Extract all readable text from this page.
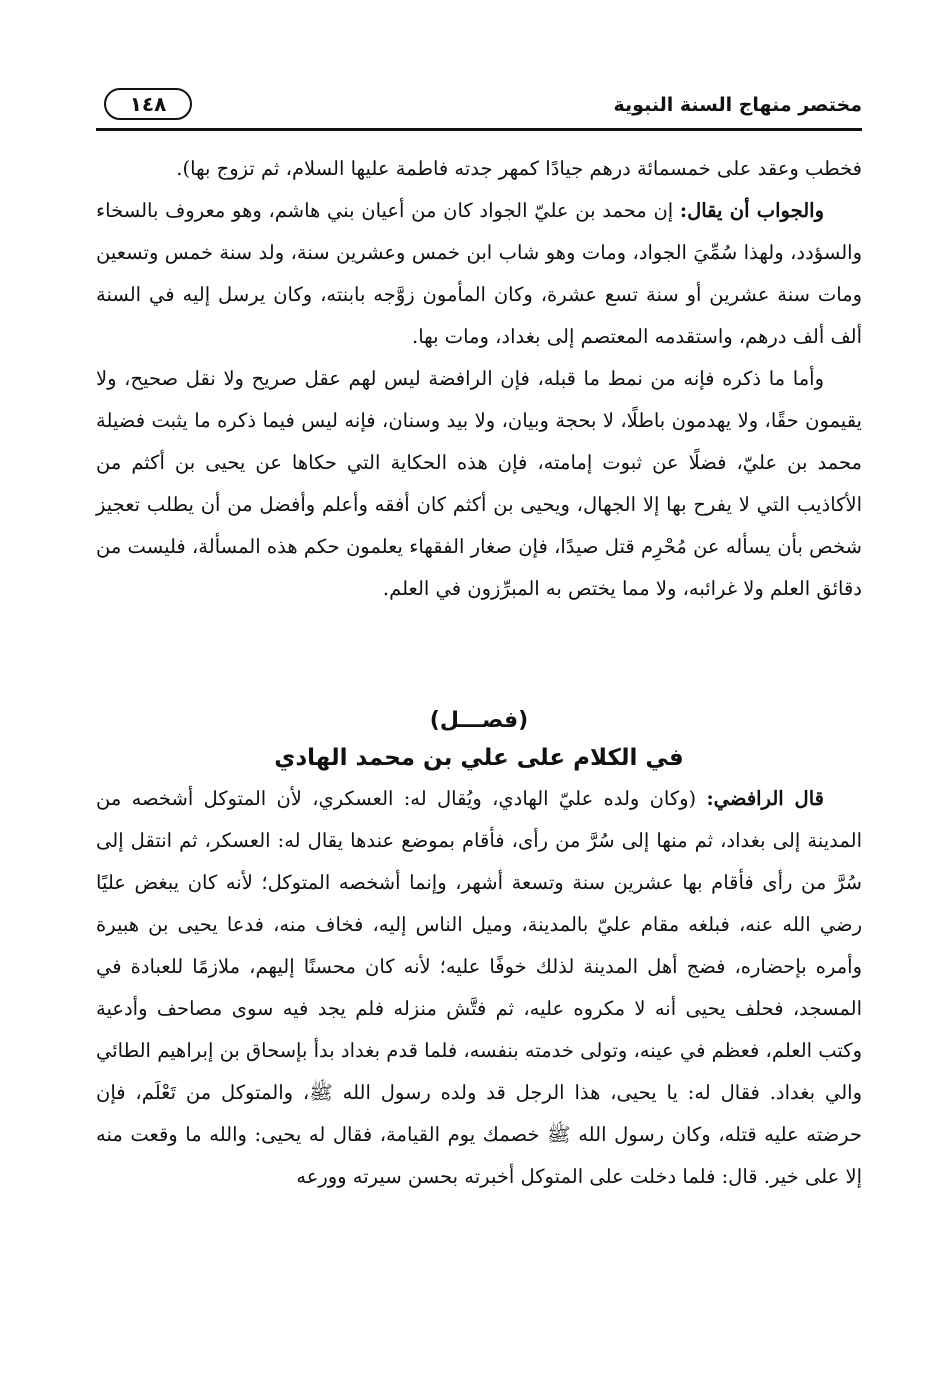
مختصر منهاج السنة النبوية
١٤٨

فخطب وعقد على خمسمائة درهم جيادًا كمهر جدته فاطمة عليها السلام، ثم تزوج بها).

والجواب أن يقال: إن محمد بن عليّ الجواد كان من أعيان بني هاشم، وهو معروف بالسخاء والسؤدد، ولهذا سُمِّيَ الجواد، ومات وهو شاب ابن خمس وعشرين سنة، ولد سنة خمس وتسعين ومات سنة عشرين أو سنة تسع عشرة، وكان المأمون زوَّجه بابنته، وكان يرسل إليه في السنة ألف ألف درهم، واستقدمه المعتصم إلى بغداد، ومات بها.

وأما ما ذكره فإنه من نمط ما قبله، فإن الرافضة ليس لهم عقل صريح ولا نقل صحيح، ولا يقيمون حقًا، ولا يهدمون باطلًا، لا بحجة وبيان، ولا بيد وسنان، فإنه ليس فيما ذكره ما يثبت فضيلة محمد بن عليّ، فضلًا عن ثبوت إمامته، فإن هذه الحكاية التي حكاها عن يحيى بن أكثم من الأكاذيب التي لا يفرح بها إلا الجهال، ويحيى بن أكثم كان أفقه وأعلم وأفضل من أن يطلب تعجيز شخص بأن يسأله عن مُحْرِم قتل صيدًا، فإن صغار الفقهاء يعلمون حكم هذه المسألة، فليست من دقائق العلم ولا غرائبه، ولا مما يختص به المبرِّزون في العلم.

(فصـــل)
في الكلام على علي بن محمد الهادي

قال الرافضي: (وكان ولده عليّ الهادي، ويُقال له: العسكري، لأن المتوكل أشخصه من المدينة إلى بغداد، ثم منها إلى سُرَّ من رأى، فأقام بموضع عندها يقال له: العسكر، ثم انتقل إلى سُرَّ من رأى فأقام بها عشرين سنة وتسعة أشهر، وإنما أشخصه المتوكل؛ لأنه كان يبغض عليًا رضي الله عنه، فبلغه مقام عليّ بالمدينة، وميل الناس إليه، فخاف منه، فدعا يحيى بن هبيرة وأمره بإحضاره، فضج أهل المدينة لذلك خوفًا عليه؛ لأنه كان محسنًا إليهم، ملازمًا للعبادة في المسجد، فحلف يحيى أنه لا مكروه عليه، ثم فتَّش منزله فلم يجد فيه سوى مصاحف وأدعية وكتب العلم، فعظم في عينه، وتولى خدمته بنفسه، فلما قدم بغداد بدأ بإسحاق بن إبراهيم الطائي والي بغداد. فقال له: يا يحيى، هذا الرجل قد ولده رسول الله ﷺ، والمتوكل من تَعْلَم، فإن حرضته عليه قتله، وكان رسول الله ﷺ خصمك يوم القيامة، فقال له يحيى: والله ما وقعت منه إلا على خير. قال: فلما دخلت على المتوكل أخبرته بحسن سيرته وورعه
